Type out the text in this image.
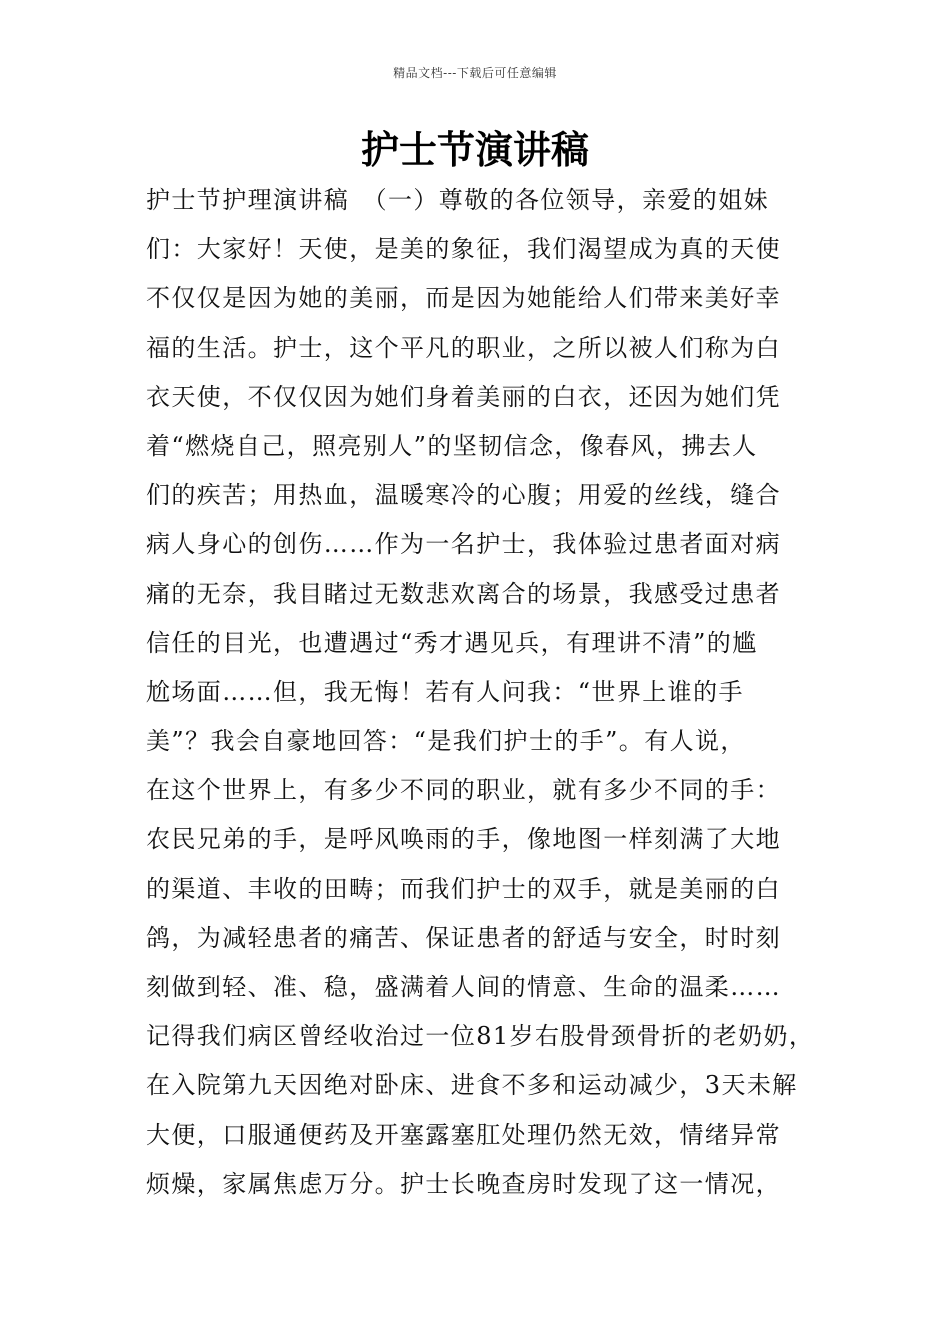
精品文档---下载后可任意编辑
护士节演讲稿
护士节护理演讲稿　（一）尊敬的各位领导，亲爱的姐妹
们：大家好！天使，是美的象征，我们渴望成为真的天使
不仅仅是因为她的美丽，而是因为她能给人们带来美好幸
福的生活。护士，这个平凡的职业，之所以被人们称为白
衣天使，不仅仅因为她们身着美丽的白衣，还因为她们凭
着“燃烧自己，照亮别人”的坚韧信念，像春风，拂去人
们的疾苦；用热血，温暖寒冷的心腹；用爱的丝线，缝合
病人身心的创伤……作为一名护士，我体验过患者面对病
痛的无奈，我目睹过无数悲欢离合的场景，我感受过患者
信任的目光，也遭遇过“秀才遇见兵，有理讲不清”的尴
尬场面……但，我无悔！若有人问我：“世界上谁的手
美”？我会自豪地回答：“是我们护士的手”。有人说，
在这个世界上，有多少不同的职业，就有多少不同的手：
农民兄弟的手，是呼风唤雨的手，像地图一样刻满了大地
的渠道、丰收的田畴；而我们护士的双手，就是美丽的白
鸽，为减轻患者的痛苦、保证患者的舒适与安全，时时刻
刻做到轻、准、稳，盛满着人间的情意、生命的温柔……
记得我们病区曾经收治过一位81岁右股骨颈骨折的老奶奶，
在入院第九天因绝对卧床、进食不多和运动减少，3天未解
大便，口服通便药及开塞露塞肛处理仍然无效，情绪异常
烦燥，家属焦虑万分。护士长晚查房时发现了这一情况，
